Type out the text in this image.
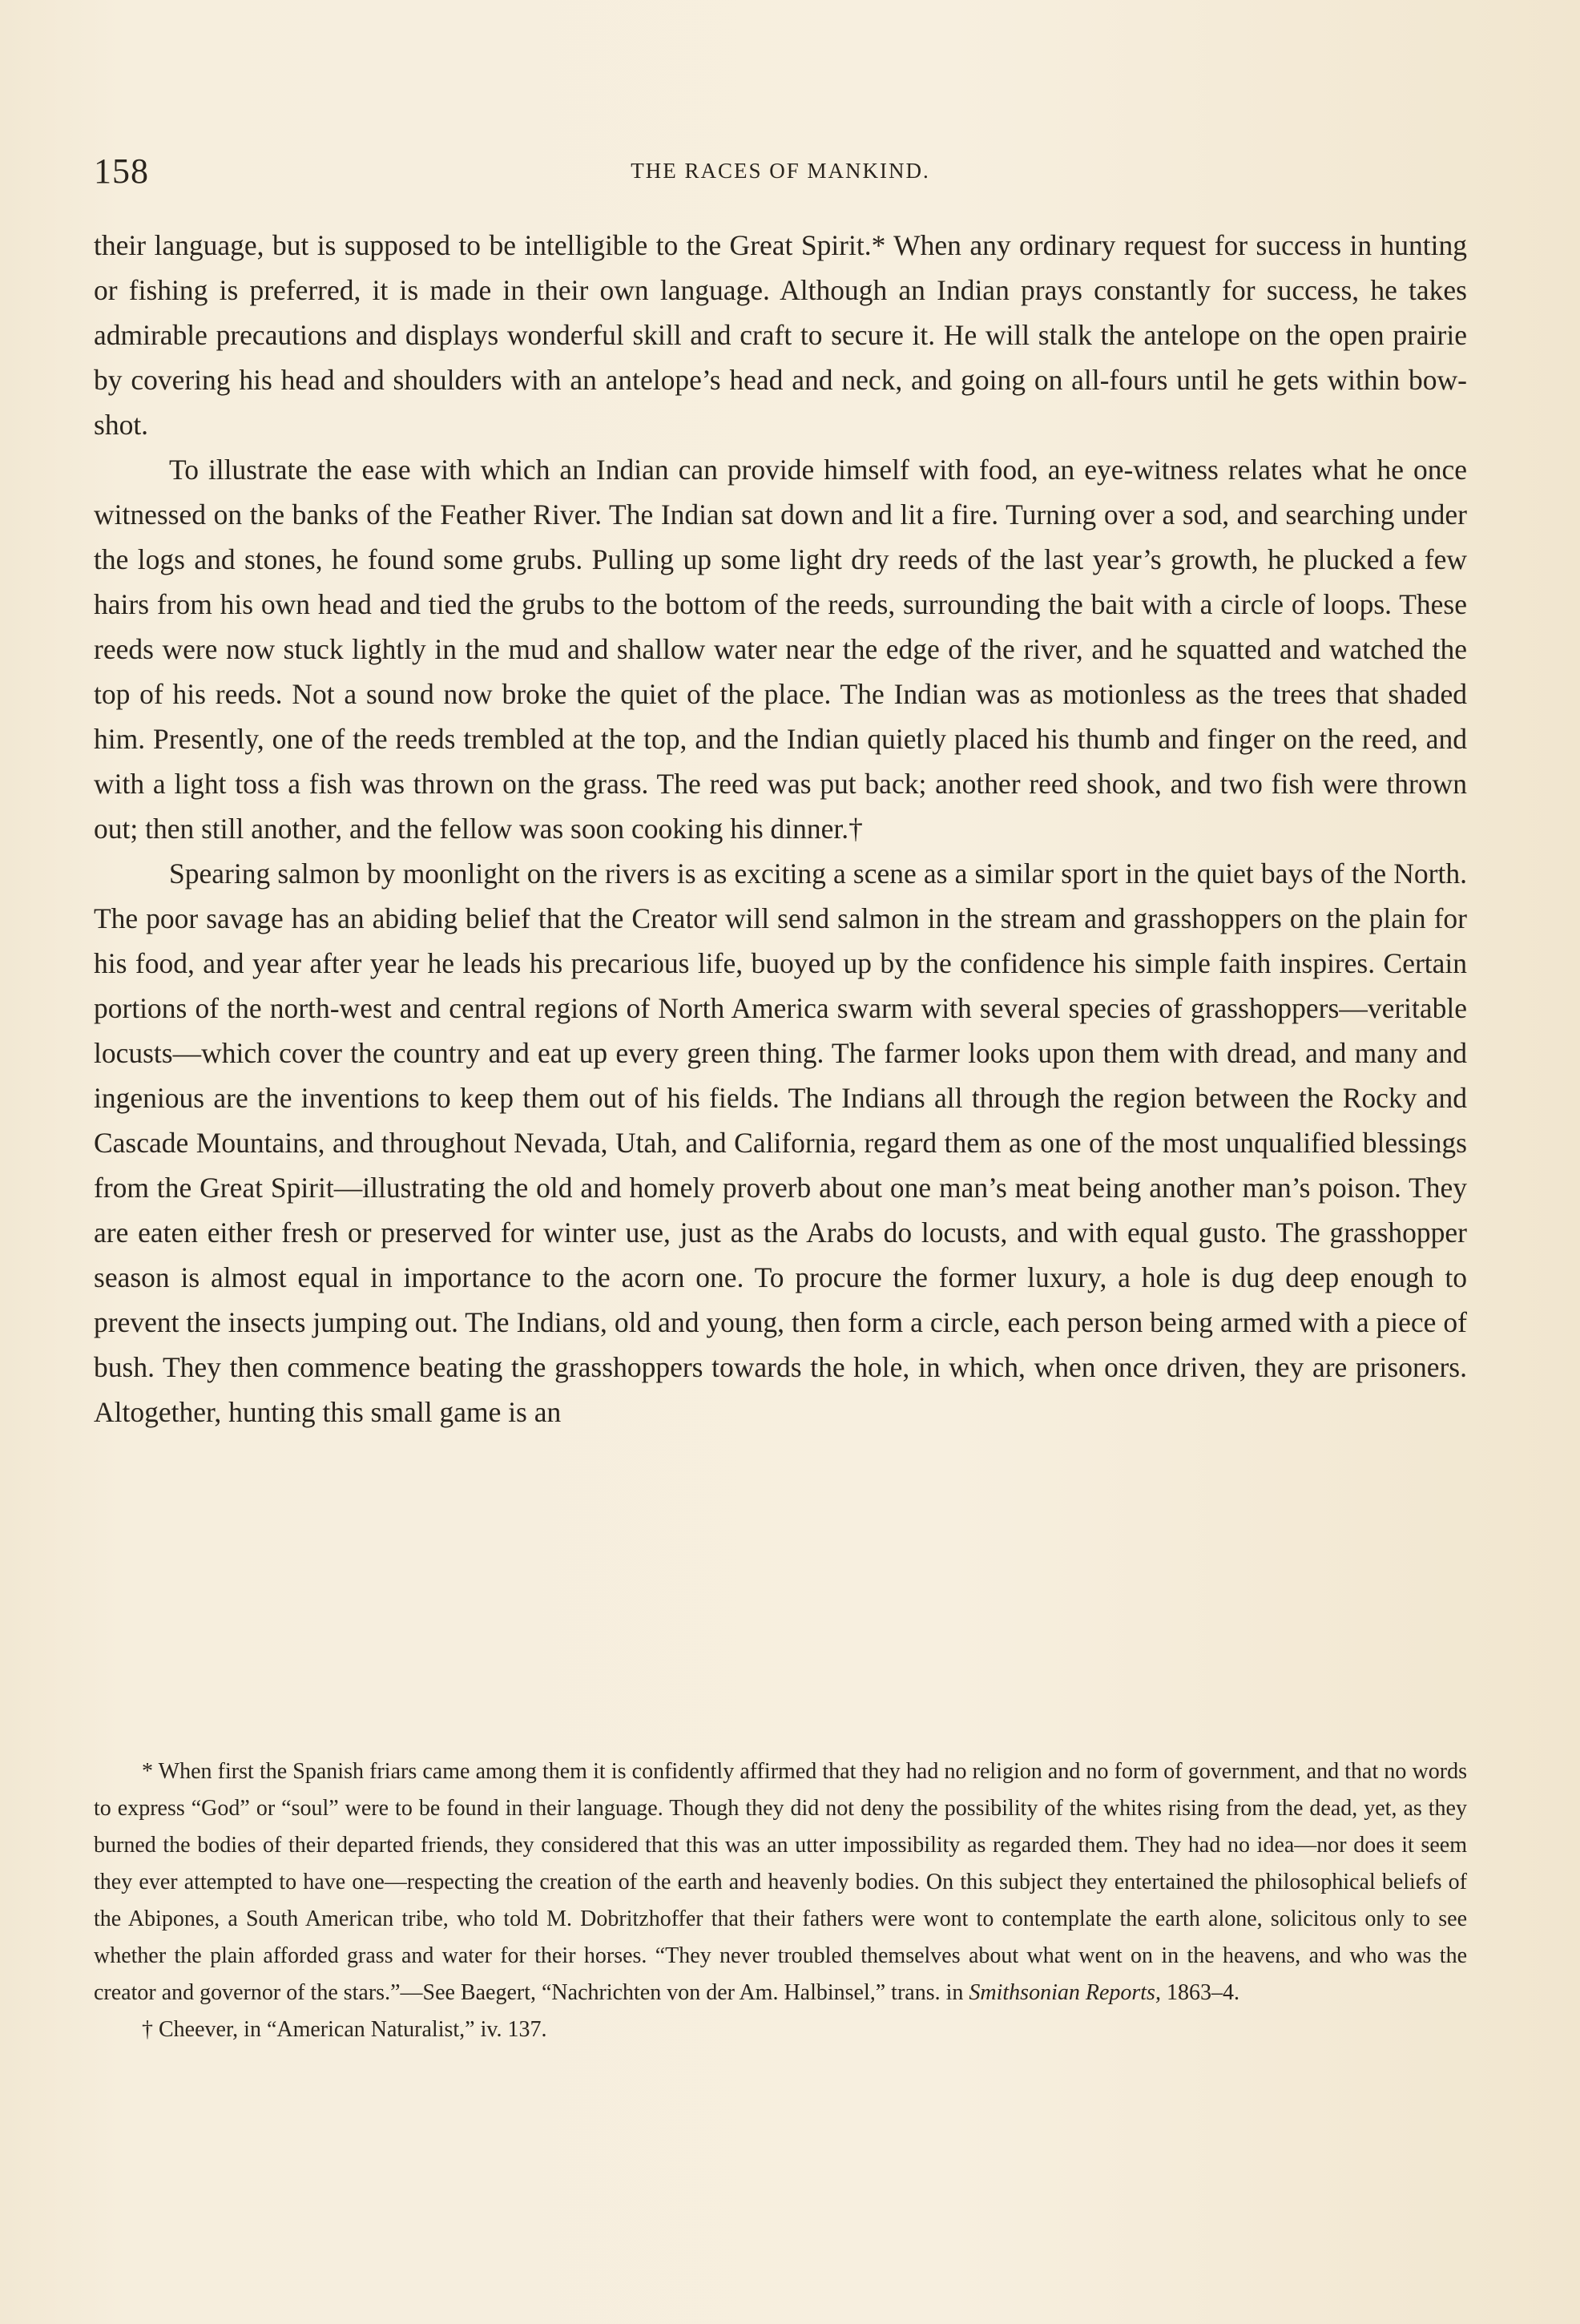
158	THE RACES OF MANKIND.

their language, but is supposed to be intelligible to the Great Spirit.* When any ordinary request for success in hunting or fishing is preferred, it is made in their own language. Although an Indian prays constantly for success, he takes admirable precautions and displays wonderful skill and craft to secure it. He will stalk the antelope on the open prairie by covering his head and shoulders with an antelope’s head and neck, and going on all-fours until he gets within bow-shot.

To illustrate the ease with which an Indian can provide himself with food, an eye-witness relates what he once witnessed on the banks of the Feather River. The Indian sat down and lit a fire. Turning over a sod, and searching under the logs and stones, he found some grubs. Pulling up some light dry reeds of the last year’s growth, he plucked a few hairs from his own head and tied the grubs to the bottom of the reeds, surrounding the bait with a circle of loops. These reeds were now stuck lightly in the mud and shallow water near the edge of the river, and he squatted and watched the top of his reeds. Not a sound now broke the quiet of the place. The Indian was as motionless as the trees that shaded him. Presently, one of the reeds trembled at the top, and the Indian quietly placed his thumb and finger on the reed, and with a light toss a fish was thrown on the grass. The reed was put back; another reed shook, and two fish were thrown out; then still another, and the fellow was soon cooking his dinner.†

Spearing salmon by moonlight on the rivers is as exciting a scene as a similar sport in the quiet bays of the North. The poor savage has an abiding belief that the Creator will send salmon in the stream and grasshoppers on the plain for his food, and year after year he leads his precarious life, buoyed up by the confidence his simple faith inspires. Certain portions of the north-west and central regions of North America swarm with several species of grasshoppers—veritable locusts—which cover the country and eat up every green thing. The farmer looks upon them with dread, and many and ingenious are the inventions to keep them out of his fields. The Indians all through the region between the Rocky and Cascade Mountains, and throughout Nevada, Utah, and California, regard them as one of the most unqualified blessings from the Great Spirit—illustrating the old and homely proverb about one man’s meat being another man’s poison. They are eaten either fresh or preserved for winter use, just as the Arabs do locusts, and with equal gusto. The grasshopper season is almost equal in importance to the acorn one. To procure the former luxury, a hole is dug deep enough to prevent the insects jumping out. The Indians, old and young, then form a circle, each person being armed with a piece of bush. They then commence beating the grasshoppers towards the hole, in which, when once driven, they are prisoners. Altogether, hunting this small game is an

* When first the Spanish friars came among them it is confidently affirmed that they had no religion and no form of government, and that no words to express “God” or “soul” were to be found in their language. Though they did not deny the possibility of the whites rising from the dead, yet, as they burned the bodies of their departed friends, they considered that this was an utter impossibility as regarded them. They had no idea—nor does it seem they ever attempted to have one—respecting the creation of the earth and heavenly bodies. On this subject they entertained the philosophical beliefs of the Abipones, a South American tribe, who told M. Dobritzhoffer that their fathers were wont to contemplate the earth alone, solicitous only to see whether the plain afforded grass and water for their horses. “They never troubled themselves about what went on in the heavens, and who was the creator and governor of the stars.”—See Baegert, “Nachrichten von der Am. Halbinsel,” trans. in Smithsonian Reports, 1863–4.

† Cheever, in “American Naturalist,” iv. 137.
